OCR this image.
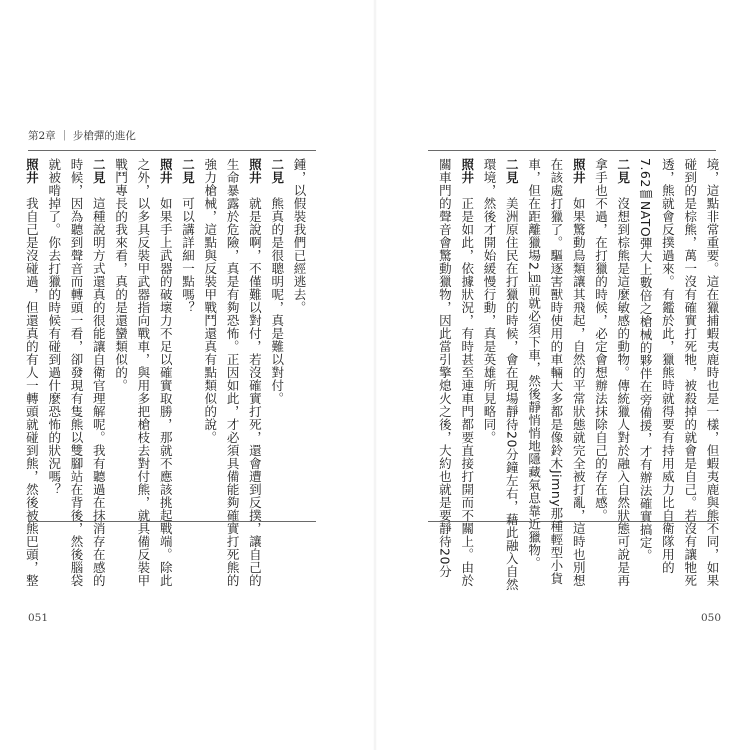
第2章 ｜ 步槍彈的進化
鍾，以假裝我們已經逃去。
二見　熊真的是很聰明呢，真是難以對付。
照井　就是說啊，不僅難以對付，若沒確實打死，還會遭到反撲，讓自己的
生命暴露於危險，真是有夠恐怖。正因如此，才必須具備能夠確實打死熊的
強力槍械，這點與反裝甲戰鬥還真有點類似的說。
二見　可以講詳細一點嗎？
照井　如果手上武器的破壞力不足以確實取勝，那就不應該挑起戰端。除此
之外，以多具反裝甲武器指向戰車，與用多把槍枝去對付熊，就具備反裝甲
戰鬥專長的我來看，真的是還蠻類似的。
二見　這種說明方式還真的很能讓自衛官理解呢。我有聽過在抹消存在感的
時候，因為聽到聲音而轉頭一看，卻發現有隻熊以雙腳站在背後，然後腦袋
就被啃掉了。你去打獵的時候有碰到過什麼恐怖的狀況嗎？
照井　我自己是沒碰過，但還真的有人一轉頭就碰到熊，然後被熊巴頭，整
051
境，這點非常重要。這在獵捕蝦夷鹿時也是一樣，但蝦夷鹿與熊不同，如果
碰到的是棕熊，萬一沒有確實打死牠，被殺掉的就會是自己。若沒有讓牠死
透，熊就會反撲過來。有鑑於此，獵熊時就得要有持用威力比自衛隊用的
7.62㎜NATO彈大上數倍之槍械的夥伴在旁備援，才有辦法確實搞定。
二見　沒想到棕熊是這麼敏感的動物。傳統獵人對於融入自然狀態可說是再
拿手也不過，在打獵的時候，必定會想辦法抹除自己的存在感。
照井　如果驚動鳥類讓其飛起，自然的平常狀態就完全被打亂，這時也別想
在該處打獵了。驅逐害獸時使用的車輛大多都是像鈴木Jimny那種輕型小貨
車，但在距離獵場2㎞前就必須下車，然後靜悄悄地隱藏氣息靠近獵物。
二見　美洲原住民在打獵的時候，會在現場靜待20分鐘左右，藉此融入自然
環境，然後才開始緩慢行動，真是英雄所見略同。
照井　正是如此，依據狀況，有時甚至連車門都要直接打開而不關上。由於
關車門的聲音會驚動獵物，因此當引擎熄火之後，大約也就是要靜待20分
050
